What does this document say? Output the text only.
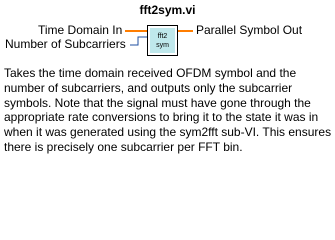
fft2sym.vi
Time Domain In
Number of Subcarriers
Parallel Symbol Out
fft2
sym

Takes the time domain received OFDM symbol and the number of subcarriers, and outputs only the subcarrier symbols. Note that the signal must have gone through the appropriate rate conversions to bring it to the state it was in when it was generated using the sym2fft sub-VI. This ensures there is precisely one subcarrier per FFT bin.
